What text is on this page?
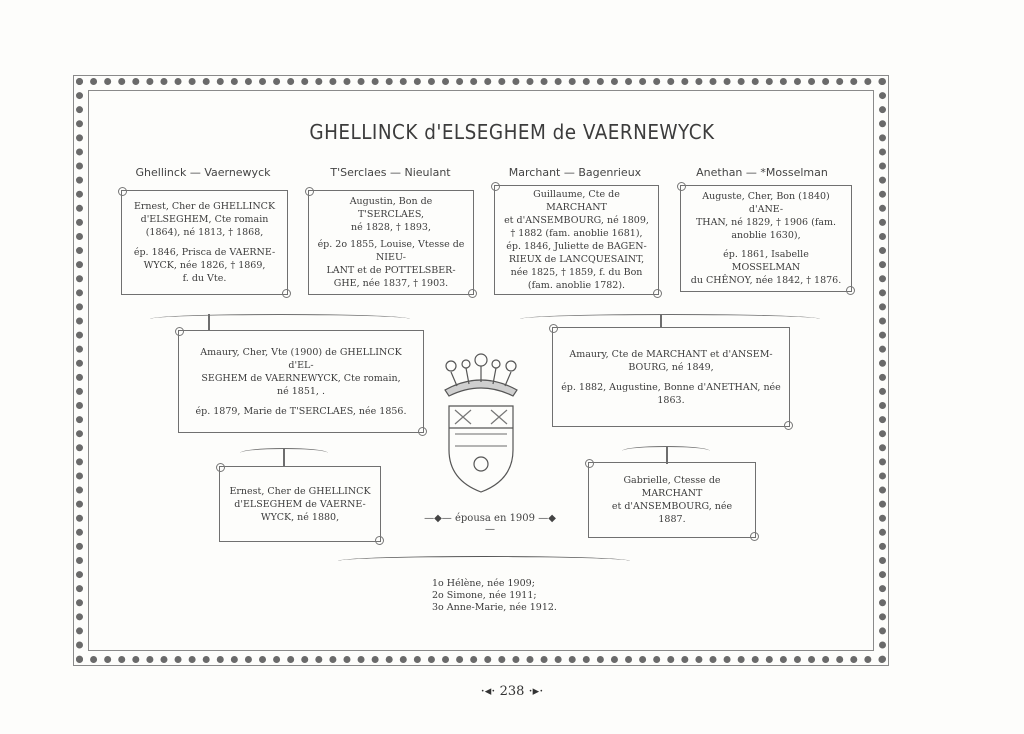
GHELLINCK d'ELSEGHEM de VAERNEWYCK
Ghellinck — Vaernewyck	T'Serclaes — Nieulant	Marchant — Bagenrieux	Anethan — *Mosselman
Ernest, Cher de GHELLINCK
d'ELSEGHEM, Cte romain
(1864), né 1813, † 1868,
ép. 1846, Prisca de VAERNE-
WYCK, née 1826, † 1869,
f. du Vte.
Augustin, Bon de T'SERCLAES,
né 1828, † 1893,
ép. 2o 1855, Louise, Vtesse de NIEU-
LANT et de POTTELSBER-
GHE, née 1837, † 1903.
Guillaume, Cte de MARCHANT
et d'ANSEMBOURG, né 1809,
† 1882 (fam. anoblie 1681),
ép. 1846, Juliette de BAGEN-
RIEUX de LANCQUESAINT,
née 1825, † 1859, f. du Bon
(fam. anoblie 1782).
Auguste, Cher, Bon (1840) d'ANE-
THAN, né 1829, † 1906 (fam.
anoblie 1630),
ép. 1861, Isabelle MOSSELMAN
du CHÊNOY, née 1842, † 1876.
Amaury, Cher, Vte (1900) de GHELLINCK d'EL-
SEGHEM de VAERNEWYCK, Cte romain,
né 1851, .
ép. 1879, Marie de T'SERCLAES, née 1856.
Amaury, Cte de MARCHANT et d'ANSEM-
BOURG, né 1849,
ép. 1882, Augustine, Bonne d'ANETHAN, née 1863.
Ernest, Cher de GHELLINCK
d'ELSEGHEM de VAERNE-
WYCK, né 1880,
Gabrielle, Ctesse de MARCHANT
et d'ANSEMBOURG, née 1887.
—◆— épousa en 1909 —◆—
1o Hélène, née 1909;
2o Simone, née 1911;
3o Anne-Marie, née 1912.
·◂· 238 ·▸·
